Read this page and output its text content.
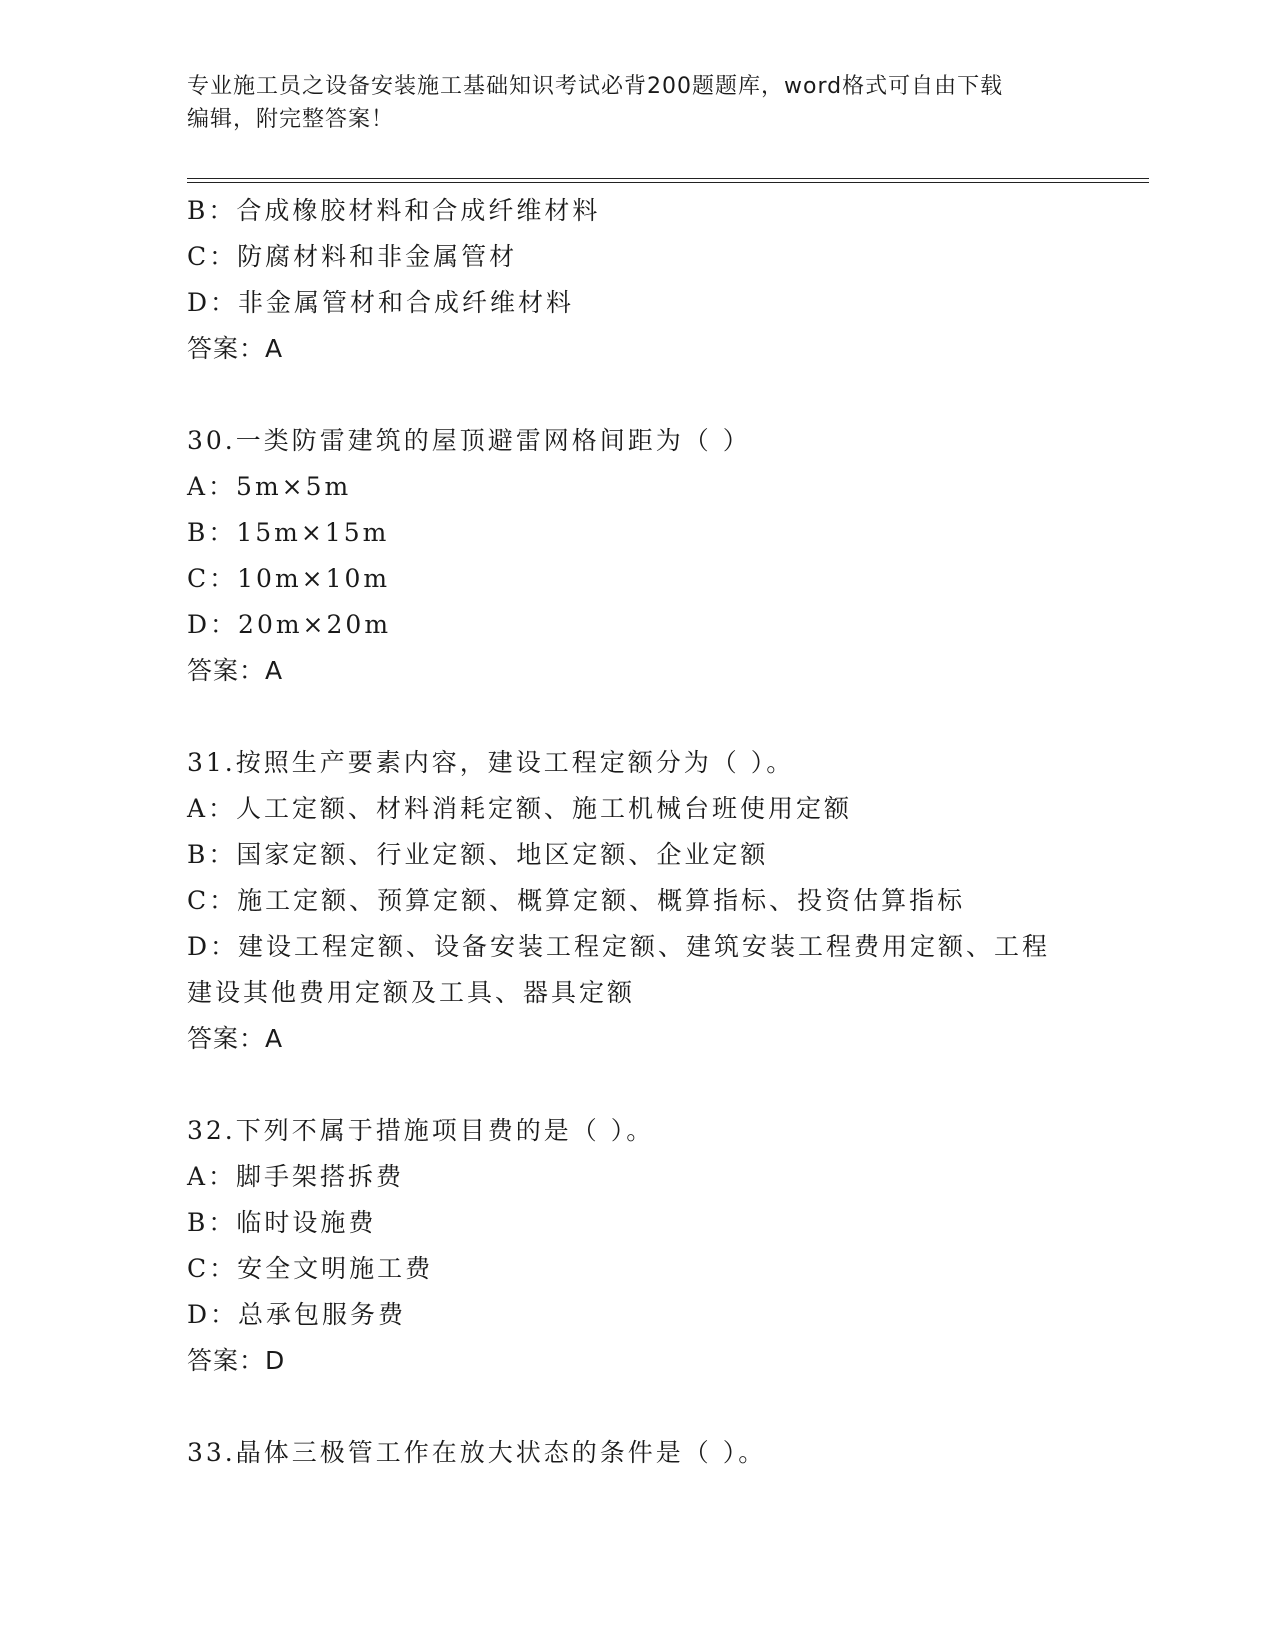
专业施工员之设备安装施工基础知识考试必背200题题库，word格式可自由下载
编辑，附完整答案！
B：合成橡胶材料和合成纤维材料
C：防腐材料和非金属管材
D：非金属管材和合成纤维材料
答案：A
30.一类防雷建筑的屋顶避雷网格间距为（ ）
A：5m×5m
B：15m×15m
C：10m×10m
D：20m×20m
答案：A
31.按照生产要素内容，建设工程定额分为（ ）。
A：人工定额、材料消耗定额、施工机械台班使用定额
B：国家定额、行业定额、地区定额、企业定额
C：施工定额、预算定额、概算定额、概算指标、投资估算指标
D：建设工程定额、设备安装工程定额、建筑安装工程费用定额、工程
建设其他费用定额及工具、器具定额
答案：A
32.下列不属于措施项目费的是（ ）。
A：脚手架搭拆费
B：临时设施费
C：安全文明施工费
D：总承包服务费
答案：D
33.晶体三极管工作在放大状态的条件是（ ）。
